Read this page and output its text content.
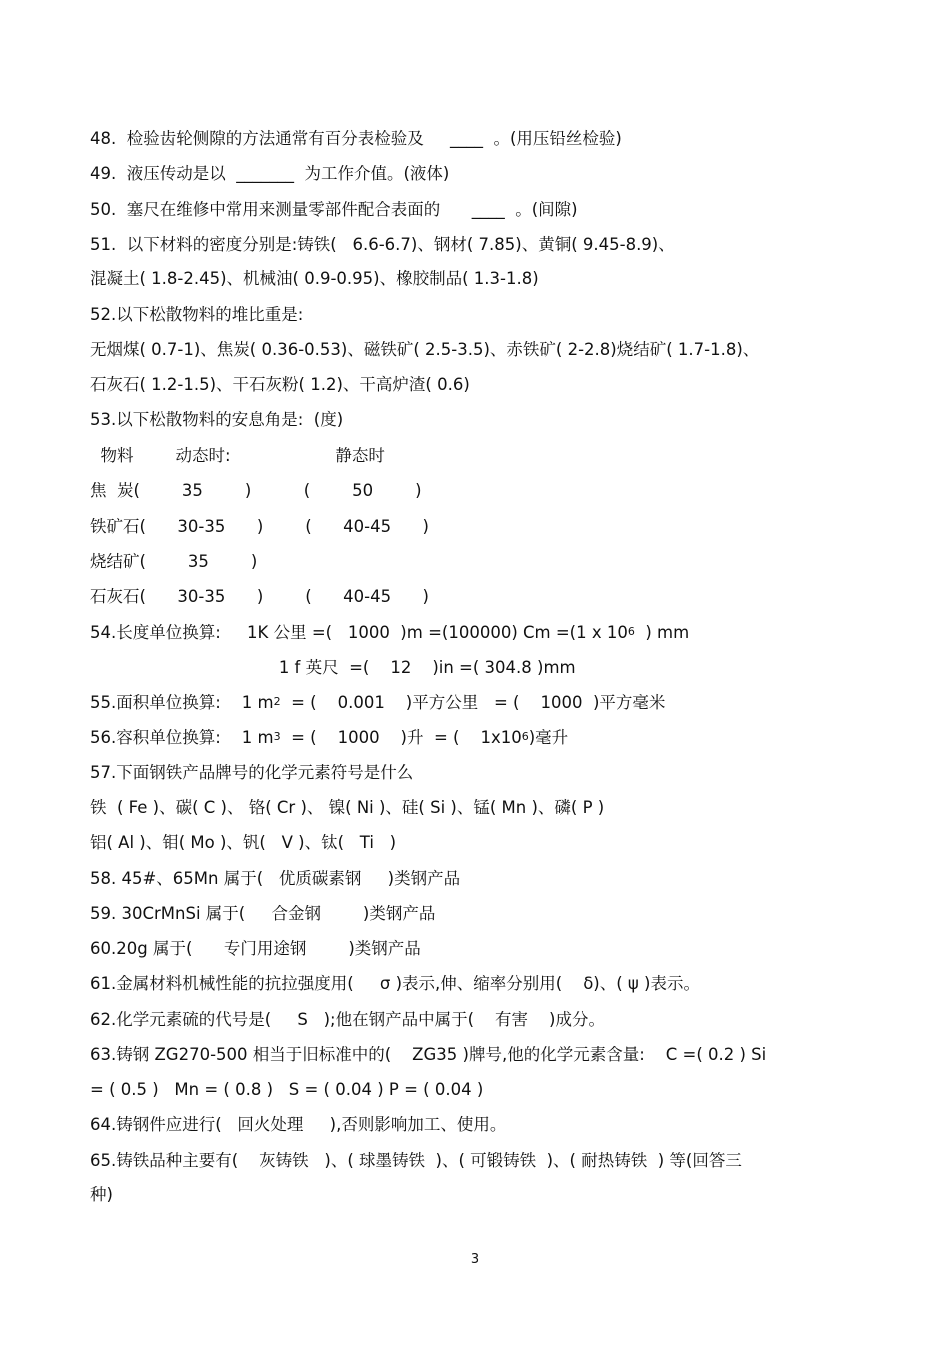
48.  检验齿轮侧隙的方法通常有百分表检验及     ____  。(用压铅丝检验)
49.  液压传动是以  _______  为工作介值。(液体)
50.  塞尺在维修中常用来测量零部件配合表面的      ____  。(间隙)
51.  以下材料的密度分别是:铸铁(   6.6-6.7)、钢材( 7.85)、黄铜( 9.45-8.9)、
混凝土( 1.8-2.45)、机械油( 0.9-0.95)、橡胶制品( 1.3-1.8)
52.以下松散物料的堆比重是:
无烟煤( 0.7-1)、焦炭( 0.36-0.53)、磁铁矿( 2.5-3.5)、赤铁矿( 2-2.8)烧结矿( 1.7-1.8)、
石灰石( 1.2-1.5)、干石灰粉( 1.2)、干高炉渣( 0.6)
53.以下松散物料的安息角是:  (度)
物料        动态时:                    静态时
焦  炭(        35        )          (        50        )
铁矿石(      30-35      )        (      40-45      )
烧结矿(        35        )
石灰石(      30-35      )        (      40-45      )
54.长度单位换算:     1K 公里 =(   1000  )m =(100000) Cm =(1 x $10^6$  ) mm
1 f 英尺  =(    12    )in =( 304.8 )mm
55.面积单位换算:    1 $m^2$  = (    0.001    )平方公里   = (    1000  )平方毫米
56.容积单位换算:    1 $m^3$  = (    1000    )升  = (    $1x10^6$)毫升
57.下面钢铁产品牌号的化学元素符号是什么
铁  ( Fe )、碳( C )、 铬( Cr )、 镍( Ni )、硅( Si )、锰( Mn )、磷( P )
铝( Al )、钼( Mo )、钒(   V )、钛(   Ti   )
58. 45#、65Mn 属于(   优质碳素钢     )类钢产品
59. 30CrMnSi 属于(     合金钢        )类钢产品
60.20g 属于(      专门用途钢        )类钢产品
61.金属材料机械性能的抗拉强度用(     σ )表示,伸、缩率分别用(    δ)、( ψ )表示。
62.化学元素硫的代号是(     S   );他在钢产品中属于(    有害    )成分。
63.铸钢 ZG270-500 相当于旧标准中的(    ZG35 )牌号,他的化学元素含量:    C =( 0.2 ) Si
= ( 0.5 )   Mn = ( 0.8 )   S = ( 0.04 ) P = ( 0.04 )
64.铸钢件应进行(   回火处理     ),否则影响加工、使用。
65.铸铁品种主要有(    灰铸铁   )、( 球墨铸铁  )、( 可锻铸铁  )、( 耐热铸铁  ) 等(回答三
种)
3
